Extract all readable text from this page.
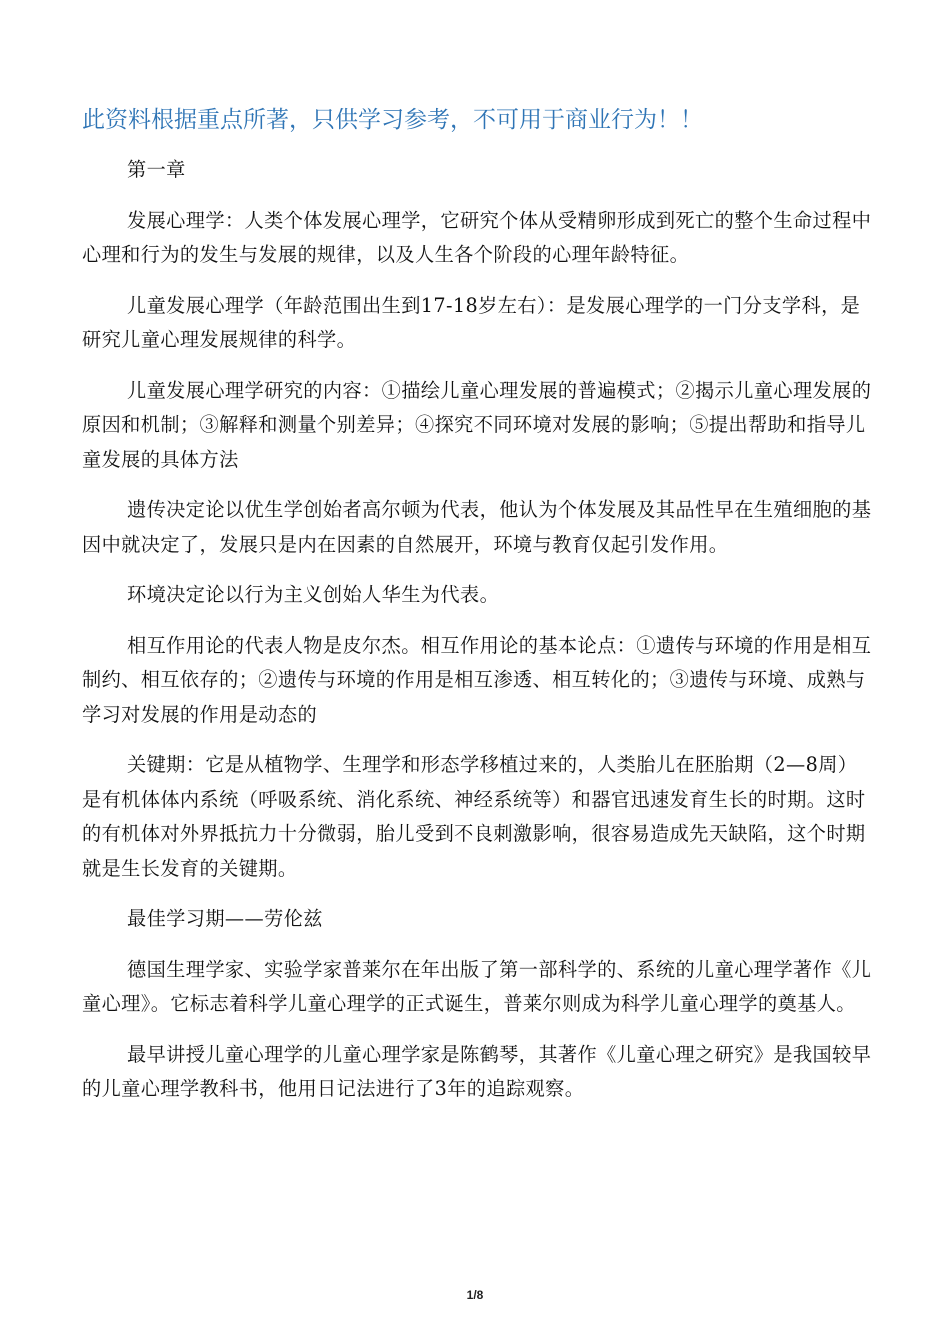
此资料根据重点所著，只供学习参考，不可用于商业行为！！

第一章

发展心理学：人类个体发展心理学，它研究个体从受精卵形成到死亡的整个生命过程中心理和行为的发生与发展的规律，以及人生各个阶段的心理年龄特征。

儿童发展心理学（年龄范围出生到17-18岁左右）：是发展心理学的一门分支学科，是研究儿童心理发展规律的科学。

儿童发展心理学研究的内容：①描绘儿童心理发展的普遍模式；②揭示儿童心理发展的原因和机制；③解释和测量个别差异；④探究不同环境对发展的影响；⑤提出帮助和指导儿童发展的具体方法

遗传决定论以优生学创始者高尔顿为代表，他认为个体发展及其品性早在生殖细胞的基因中就决定了，发展只是内在因素的自然展开，环境与教育仅起引发作用。

环境决定论以行为主义创始人华生为代表。

相互作用论的代表人物是皮尔杰。相互作用论的基本论点：①遗传与环境的作用是相互制约、相互依存的；②遗传与环境的作用是相互渗透、相互转化的；③遗传与环境、成熟与学习对发展的作用是动态的

关键期：它是从植物学、生理学和形态学移植过来的，人类胎儿在胚胎期（2—8周）是有机体体内系统（呼吸系统、消化系统、神经系统等）和器官迅速发育生长的时期。这时的有机体对外界抵抗力十分微弱，胎儿受到不良刺激影响，很容易造成先天缺陷，这个时期就是生长发育的关键期。

最佳学习期——劳伦兹

德国生理学家、实验学家普莱尔在年出版了第一部科学的、系统的儿童心理学著作《儿童心理》。它标志着科学儿童心理学的正式诞生，普莱尔则成为科学儿童心理学的奠基人。

最早讲授儿童心理学的儿童心理学家是陈鹤琴，其著作《儿童心理之研究》是我国较早的儿童心理学教科书，他用日记法进行了3年的追踪观察。

1/8
